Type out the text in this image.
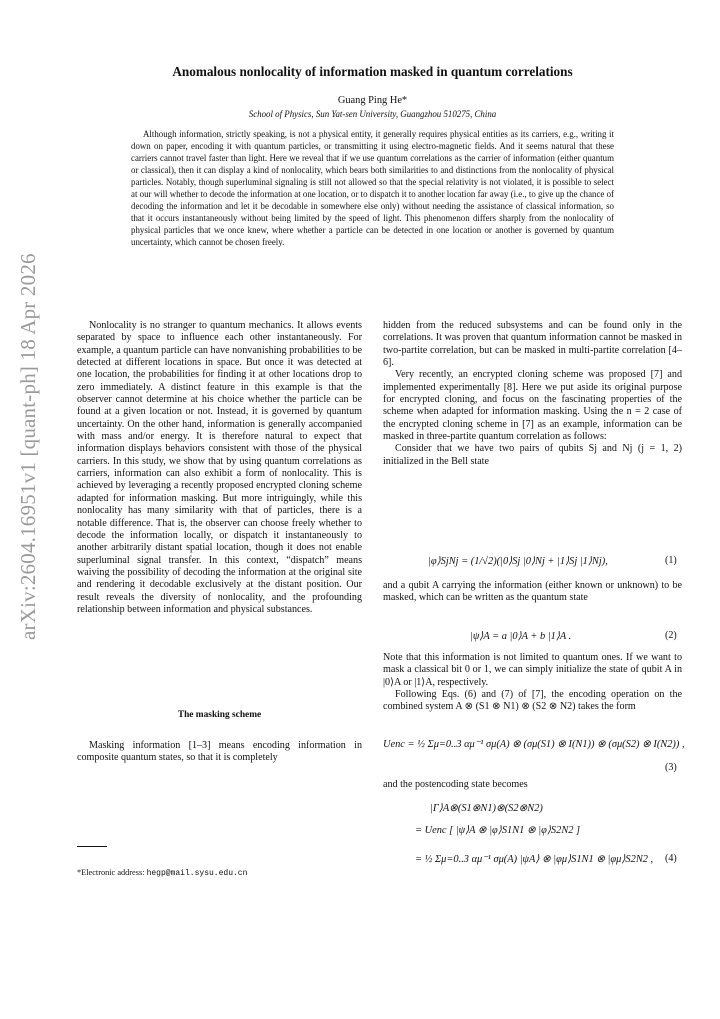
Anomalous nonlocality of information masked in quantum correlations
Guang Ping He*
School of Physics, Sun Yat-sen University, Guangzhou 510275, China

Although information, strictly speaking, is not a physical entity, it generally requires physical entities as its carriers, e.g., writing it down on paper, encoding it with quantum particles, or transmitting it using electro-magnetic fields. And it seems natural that these carriers cannot travel faster than light. Here we reveal that if we use quantum correlations as the carrier of information (either quantum or classical), then it can display a kind of nonlocality, which bears both similarities to and distinctions from the nonlocality of physical particles. Notably, though superluminal signaling is still not allowed so that the special relativity is not violated, it is possible to select at our will whether to decode the information at one location, or to dispatch it to another location far away (i.e., to give up the chance of decoding the information and let it be decodable in somewhere else only) without needing the assistance of classical information, so that it occurs instantaneously without being limited by the speed of light. This phenomenon differs sharply from the nonlocality of physical particles that we once knew, where whether a particle can be detected in one location or another is governed by quantum uncertainty, which cannot be chosen freely.

arXiv:2604.16951v1 [quant-ph] 18 Apr 2026	Nonlocality is no stranger to quantum mechanics. It allows events separated by space to influence each other instantaneously. For example, a quantum particle can have nonvanishing probabilities to be detected at different locations in space. But once it was detected at one location, the probabilities for finding it at other locations drop to zero immediately. A distinct feature in this example is that the observer cannot determine at his choice whether the particle can be found at a given location or not. Instead, it is governed by quantum uncertainty. On the other hand, information is generally accompanied with mass and/or energy. It is therefore natural to expect that information displays behaviors consistent with those of the physical carriers. In this study, we show that by using quantum correlations as carriers, information can also exhibit a form of nonlocality. This is achieved by leveraging a recently proposed encrypted cloning scheme adapted for information masking. But more intriguingly, while this nonlocality has many similarity with that of particles, there is a notable difference. That is, the observer can choose freely whether to decode the information locally, or dispatch it instantaneously to another arbitrarily distant spatial location, though it does not enable superluminal signal transfer. In this context, “dispatch” means waiving the possibility of decoding the information at the original site and rendering it decodable exclusively at the distant position. Our result reveals the diversity of nonlocality, and the profounding relationship between information and physical substances.

The masking scheme

Masking information [1–3] means encoding information in composite quantum states, so that it is completely

*Electronic address: hegp@mail.sysu.edu.cn

hidden from the reduced subsystems and can be found only in the correlations. It was proven that quantum information cannot be masked in two-partite correlation, but can be masked in multi-partite correlation [4–6].

Very recently, an encrypted cloning scheme was proposed [7] and implemented experimentally [8]. Here we put aside its original purpose for encrypted cloning, and focus on the fascinating properties of the scheme when adapted for information masking. Using the n = 2 case of the encrypted cloning scheme in [7] as an example, information can be masked in three-partite quantum correlation as follows:

Consider that we have two pairs of qubits Sj and Nj (j = 1, 2) initialized in the Bell state

|φ⟩SjNj = (1/√2)(|0⟩Sj |0⟩Nj + |1⟩Sj |1⟩Nj),	(1)

and a qubit A carrying the information (either known or unknown) to be masked, which can be written as the quantum state

|ψ⟩A = a |0⟩A + b |1⟩A .	(2)

Note that this information is not limited to quantum ones. If we want to mask a classical bit 0 or 1, we can simply initialize the state of qubit A in |0⟩A or |1⟩A, respectively.

Following Eqs. (6) and (7) of [7], the encoding operation on the combined system A ⊗ (S1 ⊗ N1) ⊗ (S2 ⊗ N2) takes the form

Uenc = ½ Σμ=0..3 αμ⁻¹ σμ(A) ⊗ (σμ(S1) ⊗ I(N1)) ⊗ (σμ(S2) ⊗ I(N2)) ,
(3)

and the postencoding state becomes

|Γ⟩A⊗(S1⊗N1)⊗(S2⊗N2)
= Uenc [ |ψ⟩A ⊗ |φ⟩S1N1 ⊗ |φ⟩S2N2 ]
= ½ Σμ=0..3 αμ⁻¹ σμ(A) |ψA⟩ ⊗ |φμ⟩S1N1 ⊗ |φμ⟩S2N2 , (4)
